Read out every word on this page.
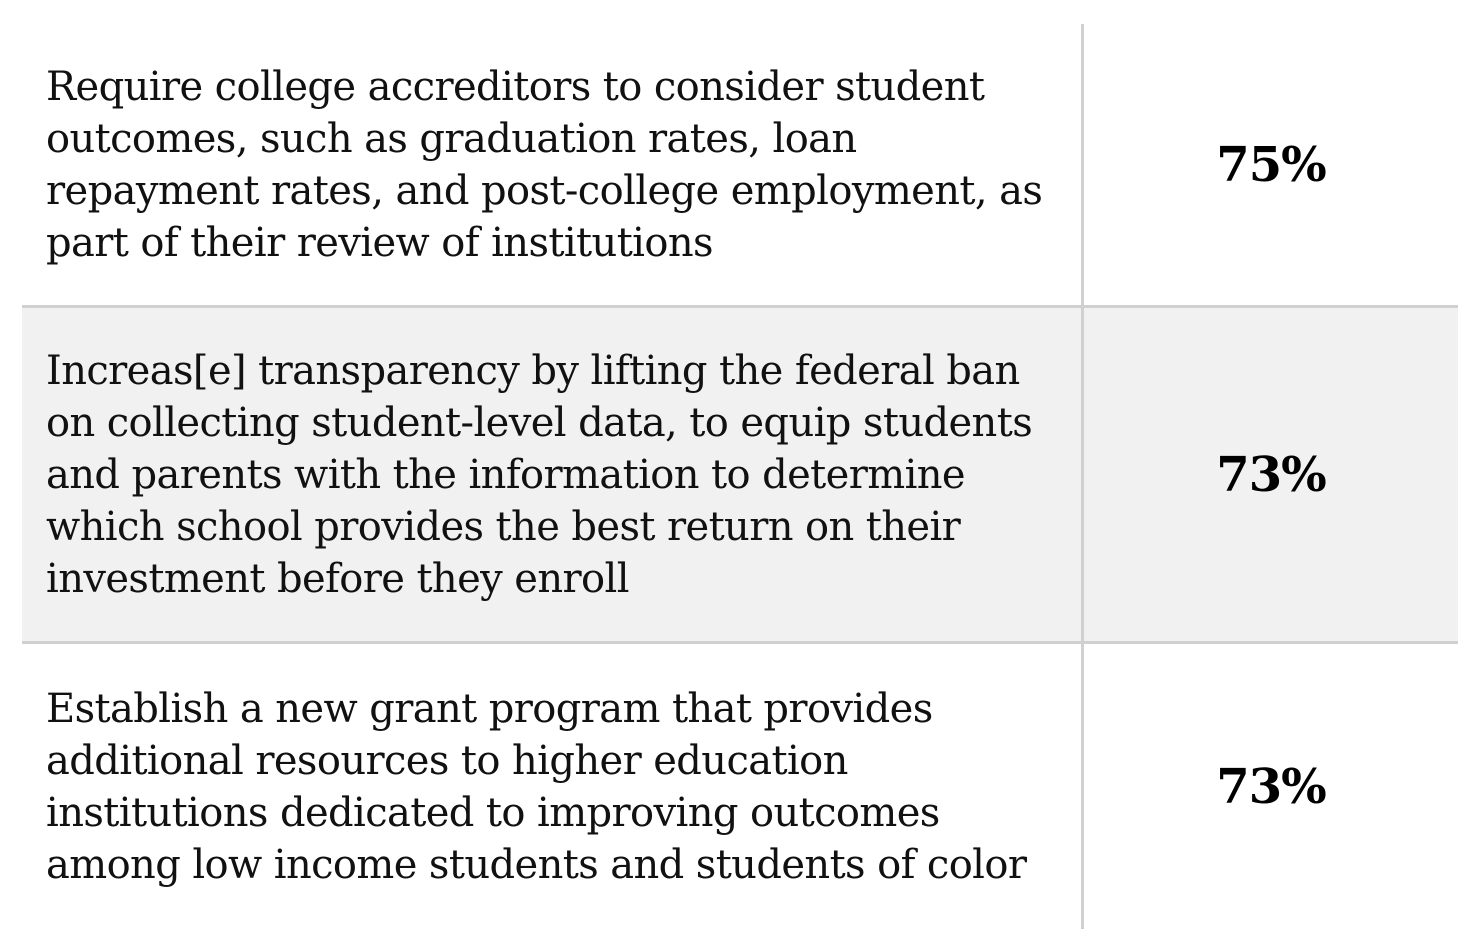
Require college accreditors to consider student outcomes, such as graduation rates, loan repayment rates, and post-college employment, as part of their review of institutions
75%
Increas[e] transparency by lifting the federal ban on collecting student-level data, to equip students and parents with the information to determine which school provides the best return on their investment before they enroll
73%
Establish a new grant program that provides additional resources to higher education institutions dedicated to improving outcomes among low income students and students of color
73%
